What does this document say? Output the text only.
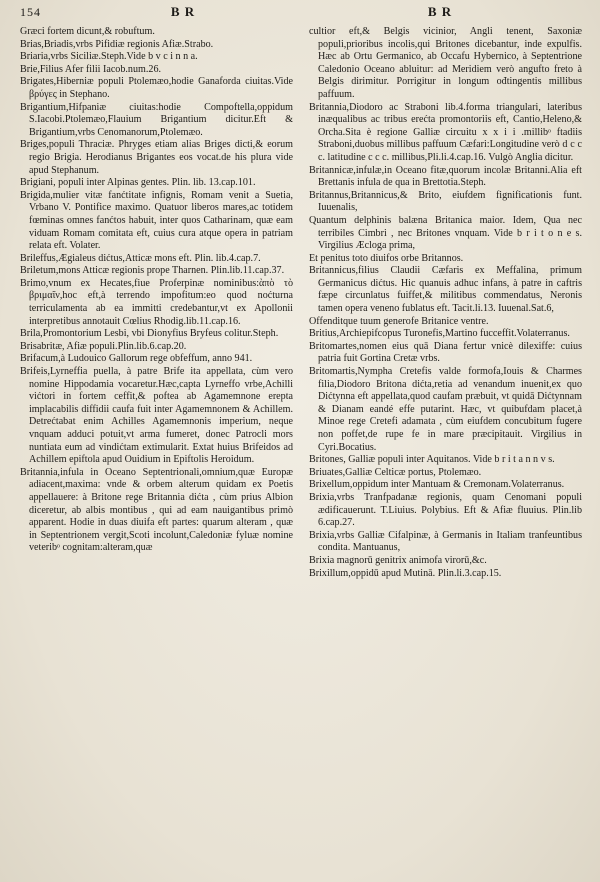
154	B R	B R

Græci fortem dicunt,& robuftum.

Brias,Briadis,vrbs Pifidiæ regionis Afiæ.Strabo.

Briaria,vrbs Siciliæ.Steph.Vide b v c i n n a.

Brie,Filius Afer filii Iacob.num.26.

Brigates,Hiberniæ populi Ptolemæo,hodie Ganaforda ciuitas.Vide βρύγες in Stephano.

Brigantium,Hifpaniæ ciuitas:hodie Compoftella,oppidum S.Iacobi.Ptolemæo,Flauium Brigantium dicitur.Eft & Brigantium,vrbs Cenomanorum,Ptolemæo.

Briges,populi Thraciæ. Phryges etiam alias Briges dicti,& eorum regio Brigia. Herodianus Brigantes eos vocat.de his plura vide apud Stephanum.

Brigiani, populi inter Alpinas gentes. Plin. lib. 13.cap.101.

Brigida,mulier vitæ fanćtitate infignis, Romam venit a Suetia, Vrbano V. Pontifice maximo. Quatuor liberos mares,ac totidem fœminas omnes fanćtos habuit, inter quos Catharinam, quæ eam viduam Romam comitata eft, cuius cura atque opera in patriam relata eft. Volater.

Brileffus,Ægialeus dićtus,Atticæ mons eft. Plin. lib.4.cap.7.

Briletum,mons Atticæ regionis prope Tharnen. Plin.lib.11.cap.37.

Brimo,vnum ex Hecates,fiue Proferpinæ nominibus:ὰπὸ τὸ βριμαῖν,hoc eft,à terrendo impofitum:eo quod noćturna terriculamenta ab ea immitti credebantur,vt ex Apollonii interpretibus annotauit Cœlius Rhodig.lib.11.cap.16.

Brila,Promontorium Lesbi, vbi Dionyfius Bryfeus colitur.Steph.

Brisabritæ, Afiæ populi.Plin.lib.6.cap.20.

Brifacum,à Ludouico Gallorum rege obfeffum, anno 941.

Brifeis,Lyrneffia puella, à patre Brife ita appellata, cùm vero nomine Hippodamia vocaretur.Hæc,capta Lyrneffo vrbe,Achilli vićtori in fortem ceffit,& poftea ab Agamemnone erepta implacabilis diffidii caufa fuit inter Agamemnonem & Achillem. Detrećtabat enim Achilles Agamemnonis imperium, neque vnquam adduci potuit,vt arma fumeret, donec Patrocli mors nuntiata eum ad vindićtam extimularit. Extat huius Brifeidos ad Achillem epiftola apud Ouidium in Epiftolis Heroidum.

Britannia,infula in Oceano Septentrionali,omnium,quæ Europæ adiacent,maxima: vnde & orbem alterum quidam ex Poetis appellauere: à Britone rege Britannia dićta , cùm prius Albion diceretur, ab albis montibus , qui ad eam nauigantibus primò apparent. Hodie in duas diuifa eft partes: quarum alteram , quæ in Septentrionem vergit,Scoti incolunt,Caledoniæ fyluæ nomine veteribᵒ cognitam:alteram,quæ

cultior eft,& Belgis vicinior, Angli tenent, Saxoniæ populi,prioribus incolis,qui Britones dicebantur, inde expulfis. Hæc ab Ortu Germanico, ab Occafu Hybernico, à Septentrione Caledonio Oceano abluitur: ad Meridiem verò angufto freto à Belgis dirimitur. Porrigitur in longum ođtingentis millibus paffuum.

Britannia,Diodoro ac Straboni lib.4.forma triangulari, lateribus inæqualibus ac tribus erećta promontoriis eft, Cantio,Heleno,& Orcha.Sita è regione Galliæ circuitu x x i i .millibᵒ ftadiis Straboni,duobus millibus paffuum Cæfari:Longitudine verò d c c c. latitudine c c c. millibus,Pli.li.4.cap.16. Vulgò Anglia dicitur.

Britannicæ,infulæ,in Oceano fitæ,quorum incolæ Britanni.Alia eft Brettanis infula de qua in Brettotia.Steph.

Britannus,Britannicus,& Brito, eiufdem fignificationis funt. Iuuenalis,

Quantum delphinis balæna Britanica maior. Idem, Qua nec terribiles Cimbri , nec Britones vnquam. Vide b r i t o n e s. Virgilius Æcloga prima,

Et penitus toto diuifos orbe Britannos.

Britannicus,filius Claudii Cæfaris ex Meffalina, primum Germanicus dićtus. Hic quanuis adhuc infans, à patre in caftris fæpe circunlatus fuiffet,& militibus commendatus, Neronis tamen opera veneno fublatus eft. Tacit.li.13. Iuuenal.Sat.6,

Offenditque tuum generofe Britanice ventre.

Britius,Archiepifcopus Turonefis,Martino fucceffit.Volaterranus.

Britomartes,nomen eius quā Diana fertur vnicè dilexiffe: cuius patria fuit Gortina Cretæ vrbs.

Britomartis,Nympha Cretefis valde formofa,Iouis & Charmes filia,Diodoro Britona dićta,retia ad venandum inuenit,ex quo Dićtynna eft appellata,quod caufam præbuit, vt quidā Dićtynnam & Dianam eandé effe putarint. Hæc, vt quibufdam placet,à Minoe rege Cretefi adamata , cùm eiufdem concubitum fugere non poffet,de rupe fe in mare præcipitauit. Virgilius in Cyri.Bocatius.

Britones, Galliæ populi inter Aquitanos. Vide b r i t a n n v s.

Briuates,Galliæ Celticæ portus, Ptolemæo.

Brixellum,oppidum inter Mantuam & Cremonam.Volaterranus.

Brixia,vrbs Tranfpadanæ regionis, quam Cenomani populi ædificauerunt. T.Liuius. Polybius. Eft & Afiæ fluuius. Plin.lib 6.cap.27.

Brixia,vrbs Galliæ Cifalpinæ, à Germanis in Italiam tranfeuntibus condita. Mantuanus,

Brixia magnorū genitrix animofa virorū,&c.

Brixillum,oppidū apud Mutinā. Plin.li.3.cap.15.
